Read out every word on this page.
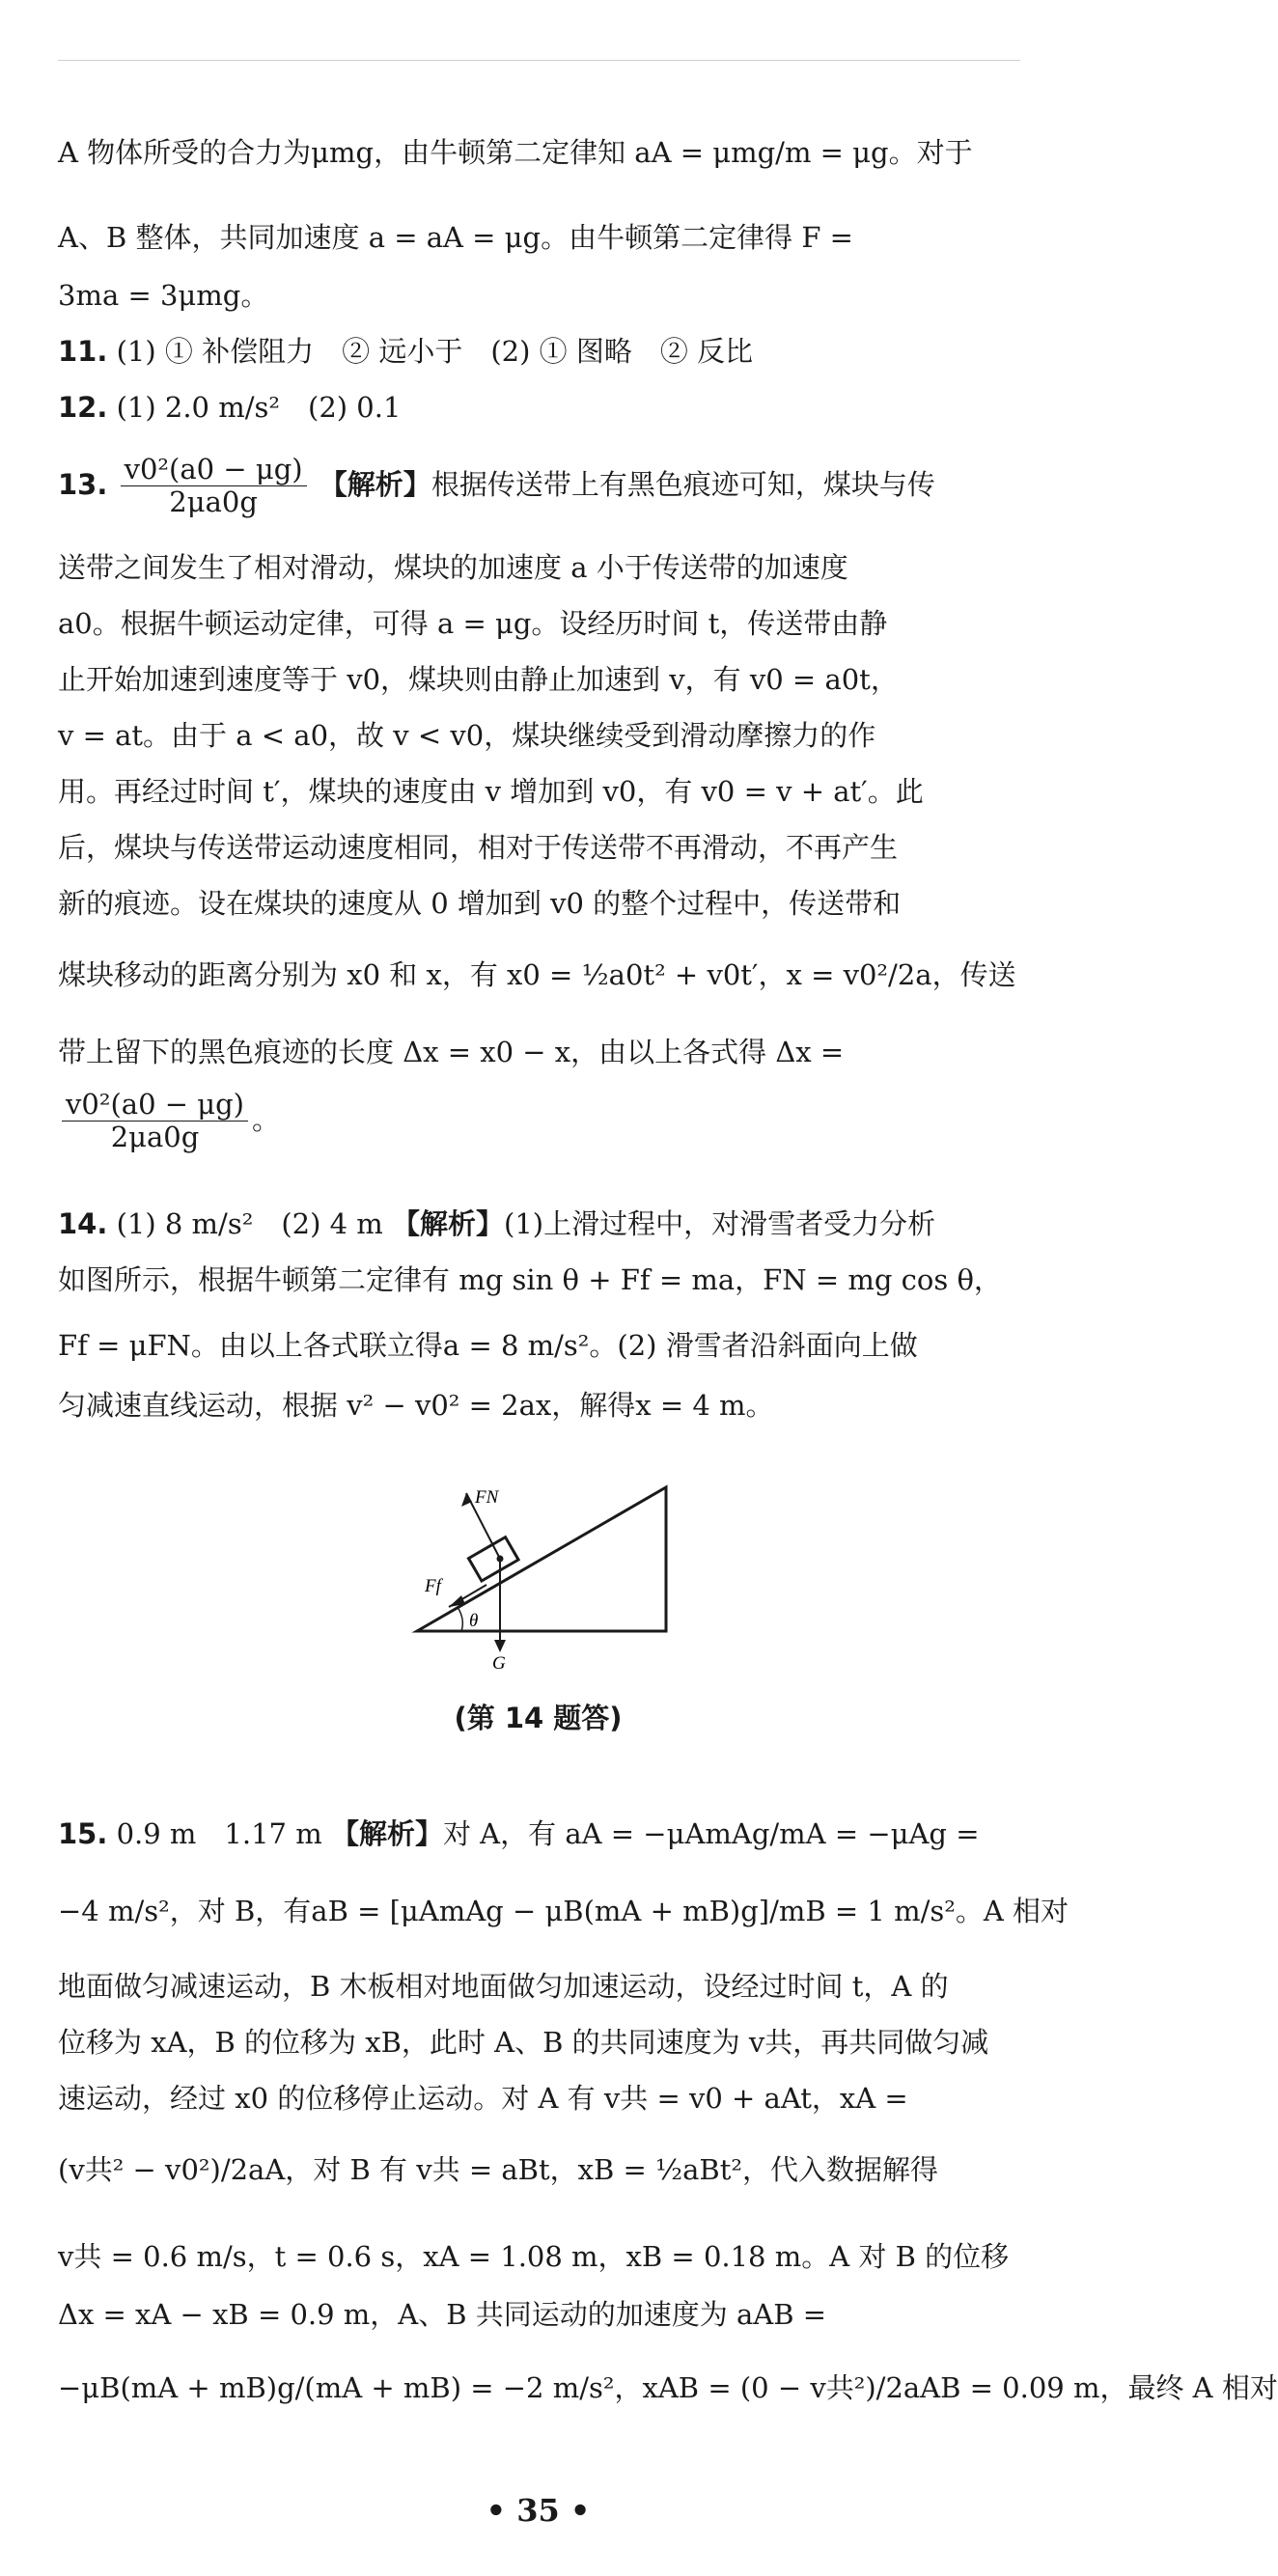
A 物体所受的合力为μmg，由牛顿第二定律知 aA = μmg/m = μg。对于
A、B 整体，共同加速度 a = aA = μg。由牛顿第二定律得 F =
3ma = 3μmg。
11. (1) ① 补偿阻力　② 远小于　(2) ① 图略　② 反比
12. (1) 2.0 m/s²　(2) 0.1
13. $\frac{\text{v0²(a0 − μg)}}{2\mu a0g}$ 【解析】根据传送带上有黑色痕迹可知，煤块与传
送带之间发生了相对滑动，煤块的加速度 a 小于传送带的加速度
a0。根据牛顿运动定律，可得 a = μg。设经历时间 t，传送带由静
止开始加速到速度等于 v0，煤块则由静止加速到 v，有 v0 = a0t，
v = at。由于 a < a0，故 v < v0，煤块继续受到滑动摩擦力的作
用。再经过时间 t′，煤块的速度由 v 增加到 v0，有 v0 = v + at′。此
后，煤块与传送带运动速度相同，相对于传送带不再滑动，不再产生
新的痕迹。设在煤块的速度从 0 增加到 v0 的整个过程中，传送带和
煤块移动的距离分别为 x0 和 x，有 x0 = ½a0t² + v0t′，x = v0²/2a，传送
带上留下的黑色痕迹的长度 Δx = x0 − x，由以上各式得 Δx =
$\frac{\text{v0²(a0 − μg)}}{2\mu a0g}$ 。
14. (1) 8 m/s²　(2) 4 m 【解析】(1)上滑过程中，对滑雪者受力分析
如图所示，根据牛顿第二定律有 mg sin θ + Ff = ma，FN = mg cos θ，
Ff = μFN。由以上各式联立得a = 8 m/s²。(2) 滑雪者沿斜面向上做
匀减速直线运动，根据 v² − v0² = 2ax，解得x = 4 m。
FN
Ff
θ
G
(第 14 题答)
15. 0.9 m　1.17 m 【解析】对 A，有 aA = −μAmAg/mA = −μAg =
−4 m/s²，对 B，有aB = [μAmAg − μB(mA + mB)g]/mB = 1 m/s²。A 相对
地面做匀减速运动，B 木板相对地面做匀加速运动，设经过时间 t，A 的
位移为 xA，B 的位移为 xB，此时 A、B 的共同速度为 v共，再共同做匀减
速运动，经过 x0 的位移停止运动。对 A 有 v共 = v0 + aAt，xA =
(v共² − v0²)/2aA，对 B 有 v共 = aBt，xB = ½aBt²，代入数据解得
v共 = 0.6 m/s，t = 0.6 s，xA = 1.08 m，xB = 0.18 m。A 对 B 的位移
Δx = xA − xB = 0.9 m，A、B 共同运动的加速度为 aAB =
−μB(mA + mB)g/(mA + mB) = −2 m/s²，xAB = (0 − v共²)/2aAB = 0.09 m，最终 A 相对
• 35 •
